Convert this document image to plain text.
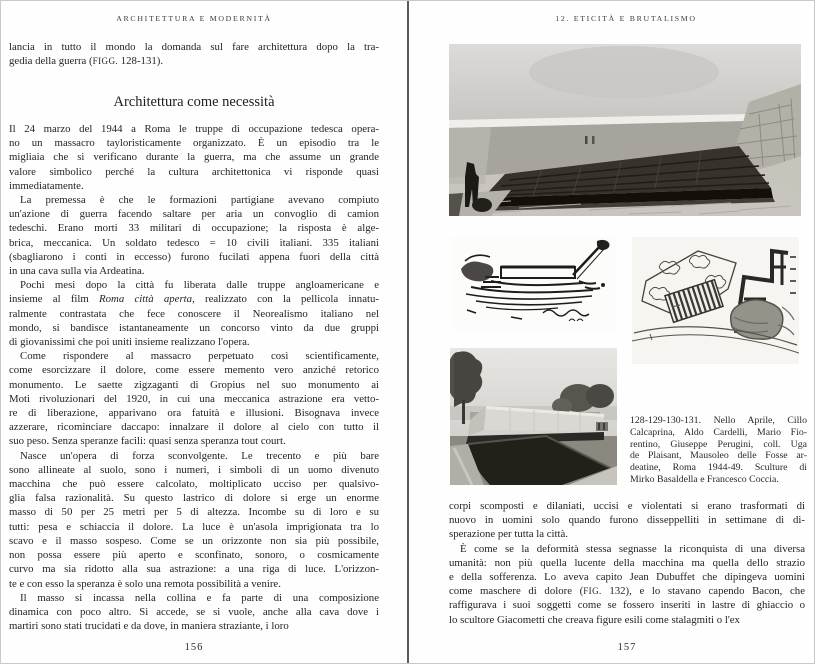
ARCHITETTURA E MODERNITÀ
lancia in tutto il mondo la domanda sul fare architettura dopo la tra-
gedia della guerra (FIGG. 128-131).
Architettura come necessità
Il 24 marzo del 1944 a Roma le truppe di occupazione tedesca opera-
no un massacro tayloristicamente organizzato. È un episodio tra le
migliaia che si verificano durante la guerra, ma che assume un grande
valore simbolico perché la cultura architettonica vi risponde quasi
immediatamente.
La premessa è che le formazioni partigiane avevano compiuto
un'azione di guerra facendo saltare per aria un convoglio di camion
tedeschi. Erano morti 33 militari di occupazione; la risposta è alge-
brica, meccanica. Un soldato tedesco = 10 civili italiani. 335 italiani
(sbagliarono i conti in eccesso) furono fucilati appena fuori della città
in una cava sulla via Ardeatina.
Pochi mesi dopo la città fu liberata dalle truppe angloamericane e
insieme al film Roma città aperta, realizzato con la pellicola innatu-
ralmente contrastata che fece conoscere il Neorealismo italiano nel
mondo, si bandisce istantaneamente un concorso vinto da due gruppi
di giovanissimi che poi uniti insieme realizzano l'opera.
Come rispondere al massacro perpetuato così scientificamente,
come esorcizzare il dolore, come essere memento vero anziché retorico
monumento. Le saette zigzaganti di Gropius nel suo monumento ai
Moti rivoluzionari del 1920, in cui una meccanica astrazione era vetto-
re di liberazione, apparivano ora fatuità e illusioni. Bisognava invece
azzerare, ricominciare daccapo: innalzare il dolore al cielo con tutto il
suo peso. Senza speranze facili: quasi senza speranza tout court.
Nasce un'opera di forza sconvolgente. Le trecento e più bare
sono allineate al suolo, sono i numeri, i simboli di un uomo divenuto
macchina che può essere calcolato, moltiplicato ucciso per qualsivo-
glia falsa razionalità. Su questo lastrico di dolore si erge un enorme
masso di 50 per 25 metri per 5 di altezza. Incombe su di loro e su
tutti: pesa e schiaccia il dolore. La luce è un'asola imprigionata tra lo
scavo e il masso sospeso. Come se un orizzonte non sia più possibile,
non possa essere più aperto e sconfinato, sonoro, o cosmicamente
curvo ma sia ridotto alla sua astrazione: a una riga di luce. L'orizzon-
te e con esso la speranza è solo una remota possibilità a venire.
Il masso si incassa nella collina e fa parte di una composizione
dinamica con poco altro. Si accede, se si vuole, anche alla cava dove i
martiri sono stati trucidati e da dove, in maniera straziante, i loro
156
12. ETICITÀ E BRUTALISMO
128-129-130-131. Nello Aprile, Cillo
Calcaprina, Aldo Cardelli, Mario Fio-
rentino, Giuseppe Perugini, coll. Uga
de Plaisant, Mausoleo delle Fosse ar-
deatine, Roma 1944-49. Sculture di
Mirko Basaldella e Francesco Coccia.
corpi scomposti e dilaniati, uccisi e violentati si erano trasformati di
nuovo in uomini solo quando furono disseppelliti in settimane di di-
sperazione per tutta la città.
È come se la deformità stessa segnasse la riconquista di una diversa
umanità: non più quella lucente della macchina ma quella dello strazio
e della sofferenza. Lo aveva capito Jean Dubuffet che dipingeva uomini
come maschere di dolore (FIG. 132), e lo stavano capendo Bacon, che
raffigurava i suoi soggetti come se fossero inseriti in lastre di ghiaccio o
lo scultore Giacometti che creava figure esili come stalagmiti o l'ex
157
